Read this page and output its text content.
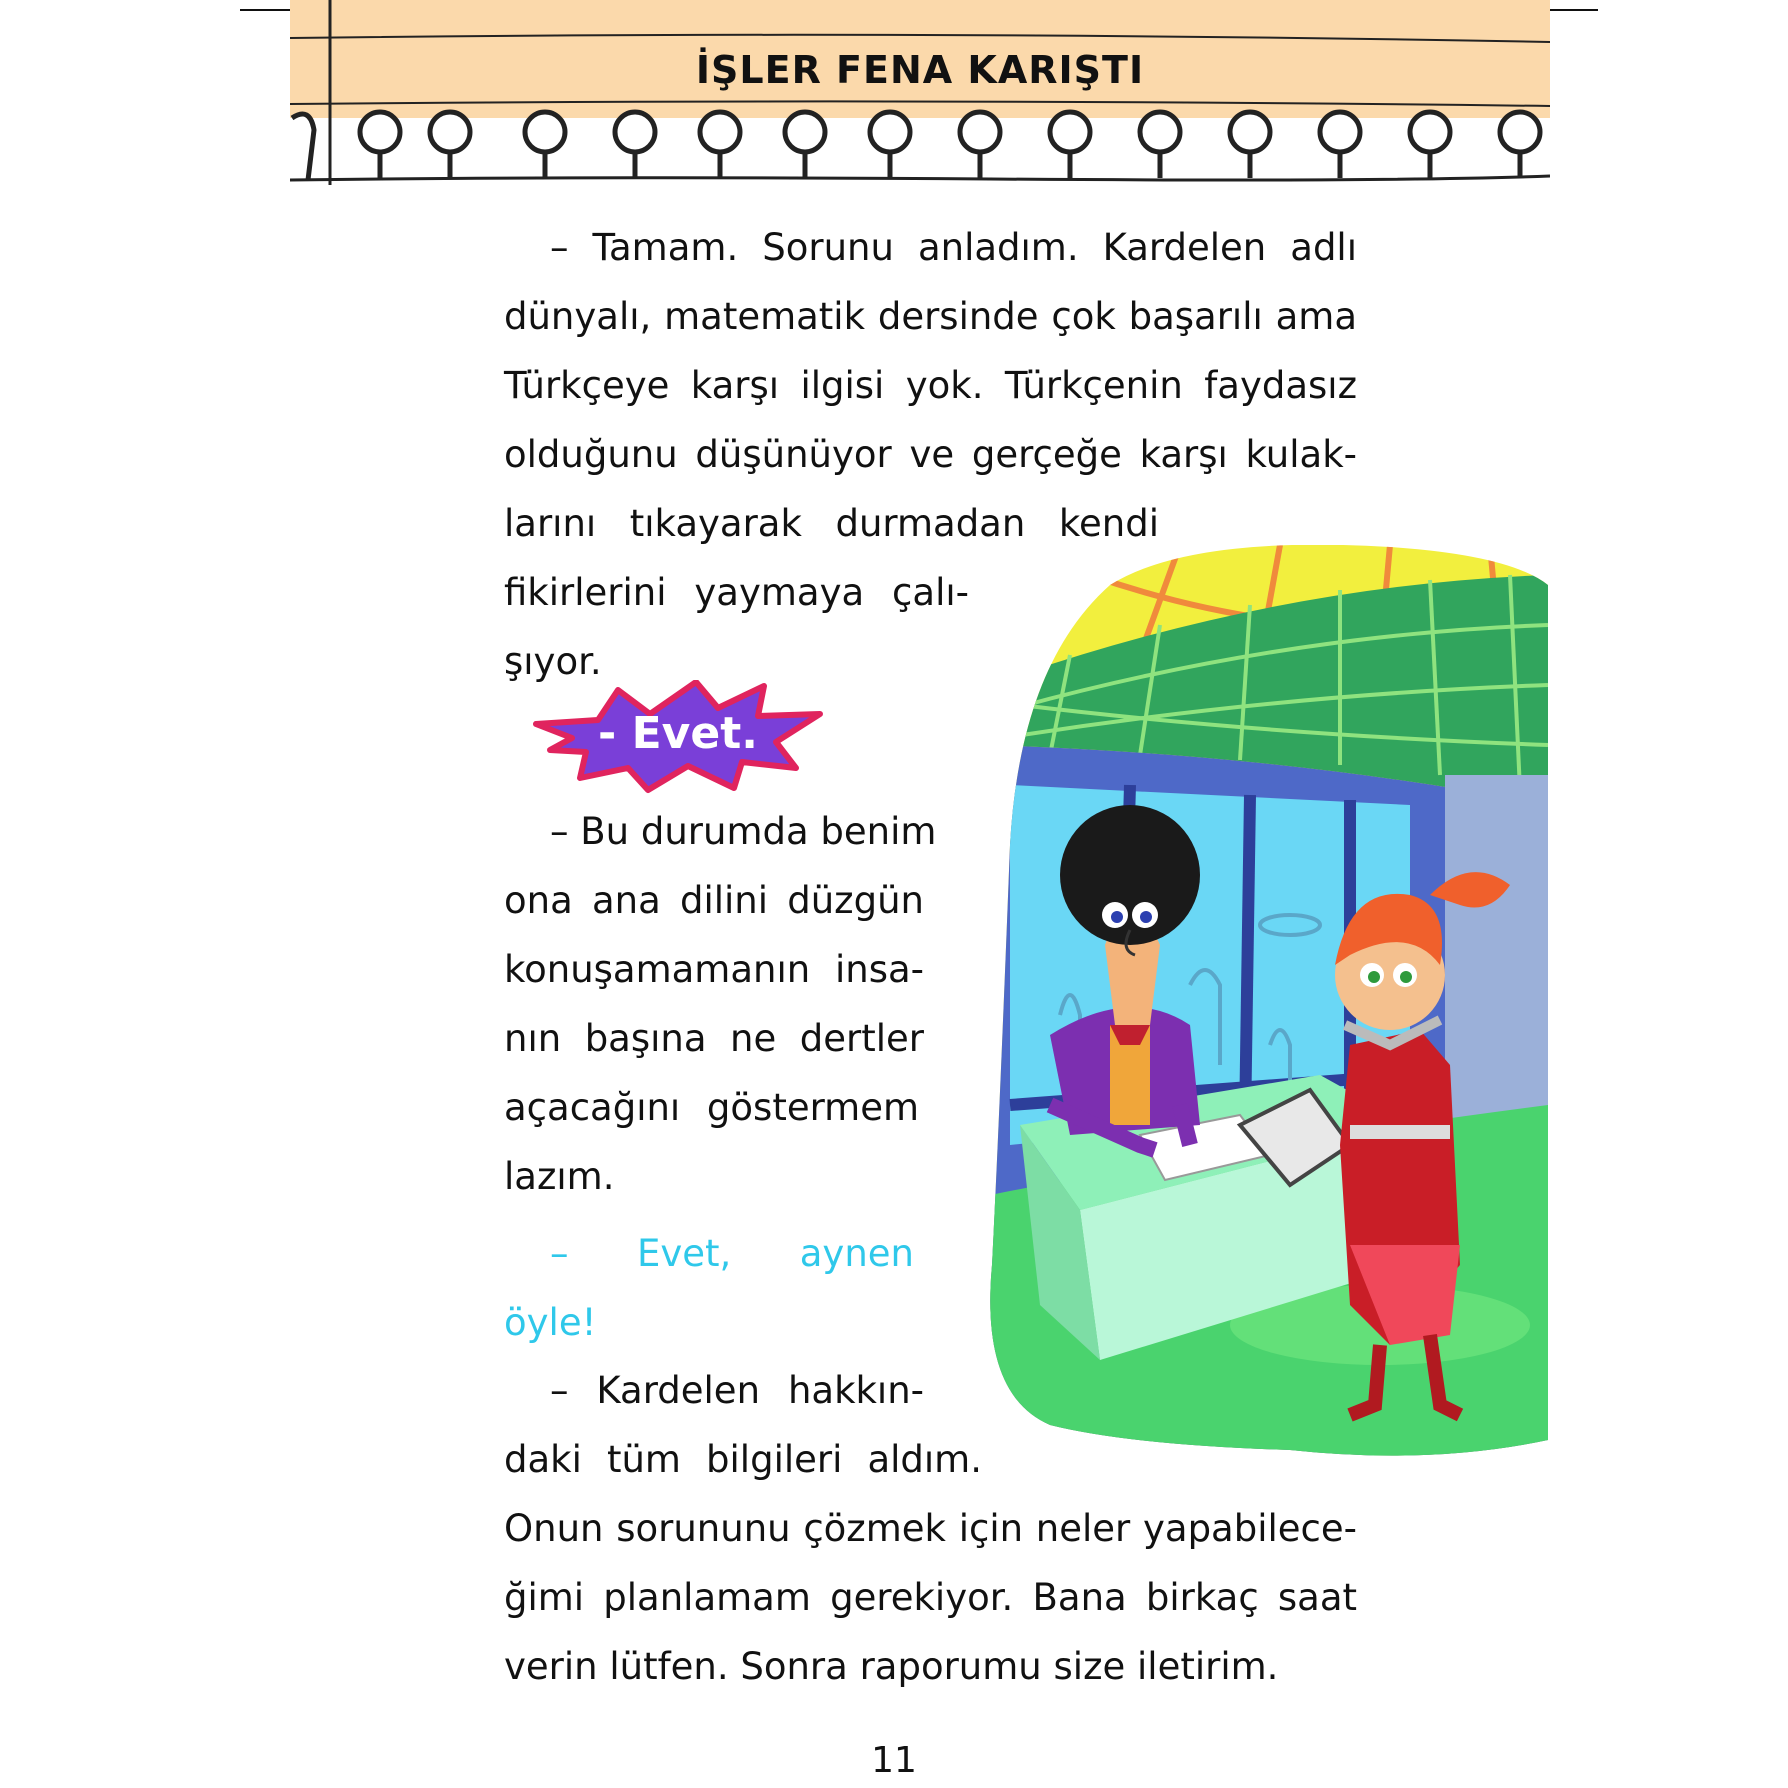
İŞLER FENA KARIŞTI
– Tamam. Sorunu anladım. Kardelen adlı
dünyalı, matematik dersinde çok başarılı ama
Türkçeye karşı ilgisi yok. Türkçenin faydasız
olduğunu düşünüyor ve gerçeğe karşı kulak-
larını tıkayarak durmadan kendi
fikirlerini yaymaya çalı-
şıyor.
- Evet.
– Bu durumda benim
ona ana dilini düzgün
konuşamamanın insa-
nın başına ne dertler
açacağını göstermem
lazım.
– Evet, aynen
öyle!
– Kardelen hakkın-
daki tüm bilgileri aldım.
Onun sorununu çözmek için neler yapabilece-
ğimi planlamam gerekiyor. Bana birkaç saat
verin lütfen. Sonra raporumu size iletirim.
11
